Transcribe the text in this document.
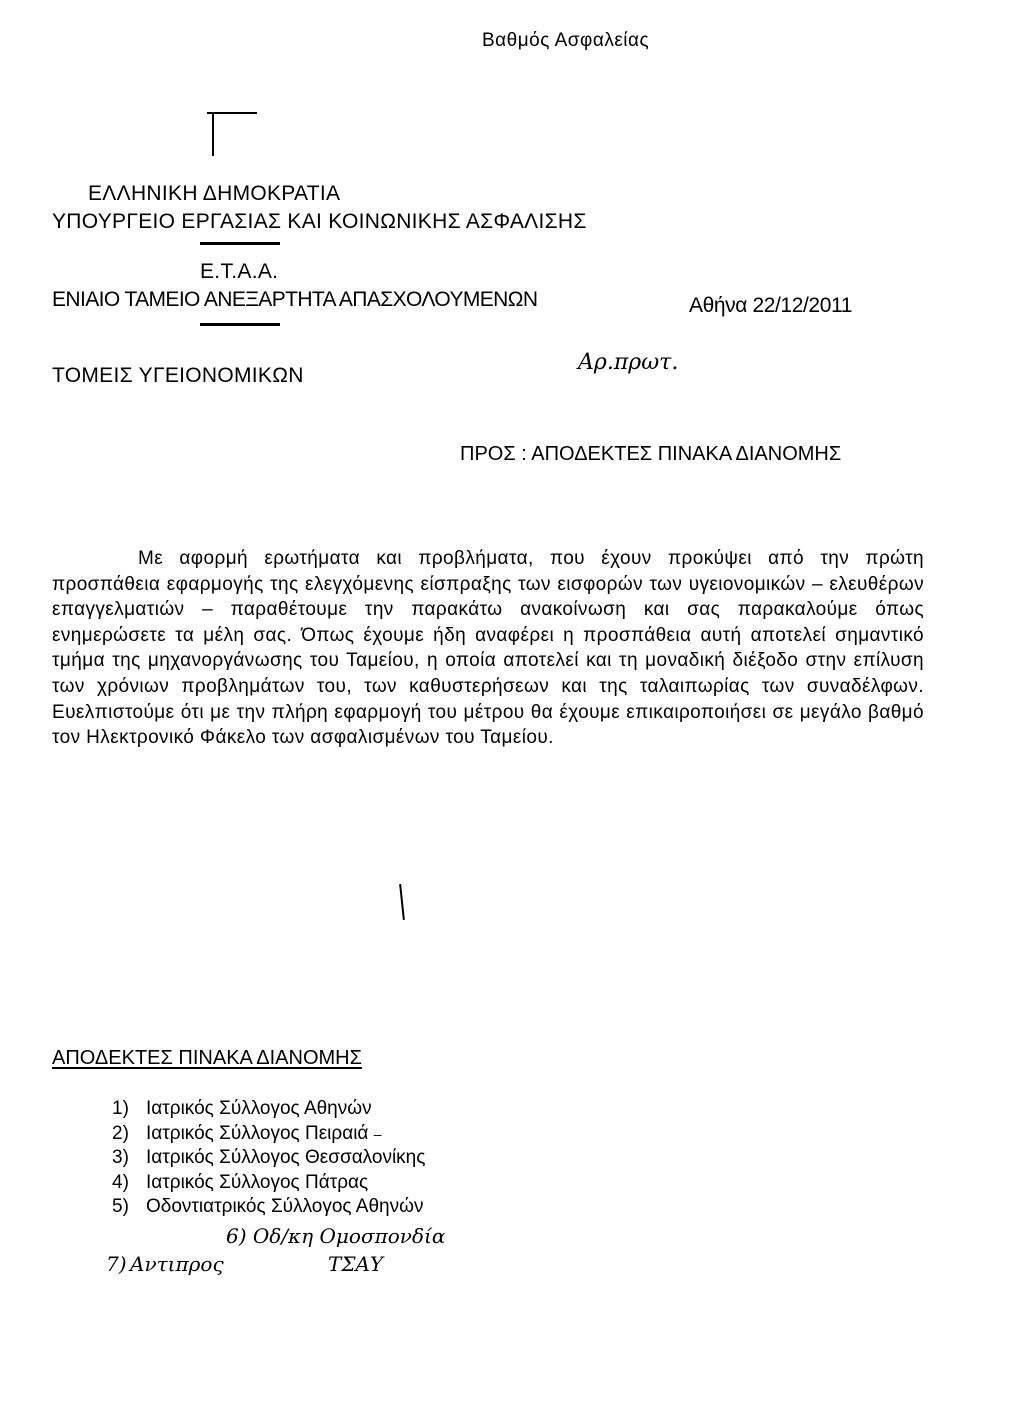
Βαθμός Ασφαλείας
ΕΛΛΗΝΙΚΗ ΔΗΜΟΚΡΑΤΙΑ
ΥΠΟΥΡΓΕΙΟ ΕΡΓΑΣΙΑΣ ΚΑΙ ΚΟΙΝΩΝΙΚΗΣ ΑΣΦΑΛΙΣΗΣ
Ε.Τ.Α.Α.
ΕΝΙΑΙΟ ΤΑΜΕΙΟ ΑΝΕΞΑΡΤΗΤΑ ΑΠΑΣΧΟΛΟΥΜΕΝΩΝ	Αθήνα 22/12/2011
Αρ.πρωτ.
ΤΟΜΕΙΣ ΥΓΕΙΟΝΟΜΙΚΩΝ
ΠΡΟΣ : ΑΠΟΔΕΚΤΕΣ ΠΙΝΑΚΑ ΔΙΑΝΟΜΗΣ
Με αφορμή ερωτήματα και προβλήματα, που έχουν προκύψει από την πρώτη προσπάθεια εφαρμογής της ελεγχόμενης είσπραξης των εισφορών των υγειονομικών – ελευθέρων επαγγελματιών – παραθέτουμε την παρακάτω ανακοίνωση και σας παρακαλούμε όπως ενημερώσετε τα μέλη σας. Όπως έχουμε ήδη αναφέρει η προσπάθεια αυτή αποτελεί σημαντικό τμήμα της μηχανοργάνωσης του Ταμείου, η οποία αποτελεί και τη μοναδική διέξοδο στην επίλυση των χρόνιων προβλημάτων του, των καθυστερήσεων και της ταλαιπωρίας των συναδέλφων. Ευελπιστούμε ότι με την πλήρη εφαρμογή του μέτρου θα έχουμε επικαιροποιήσει σε μεγάλο βαθμό τον Ηλεκτρονικό Φάκελο των ασφαλισμένων του Ταμείου.
ΑΠΟΔΕΚΤΕΣ ΠΙΝΑΚΑ ΔΙΑΝΟΜΗΣ
1) Ιατρικός Σύλλογος Αθηνών
2) Ιατρικός Σύλλογος Πειραιά –
3) Ιατρικός Σύλλογος Θεσσαλονίκης
4) Ιατρικός Σύλλογος Πάτρας
5) Οδοντιατρικός Σύλλογος Αθηνών
6) Οδ/κη Ομοσπονδία
7) Αντιπρος	ΤΣΑΥ
